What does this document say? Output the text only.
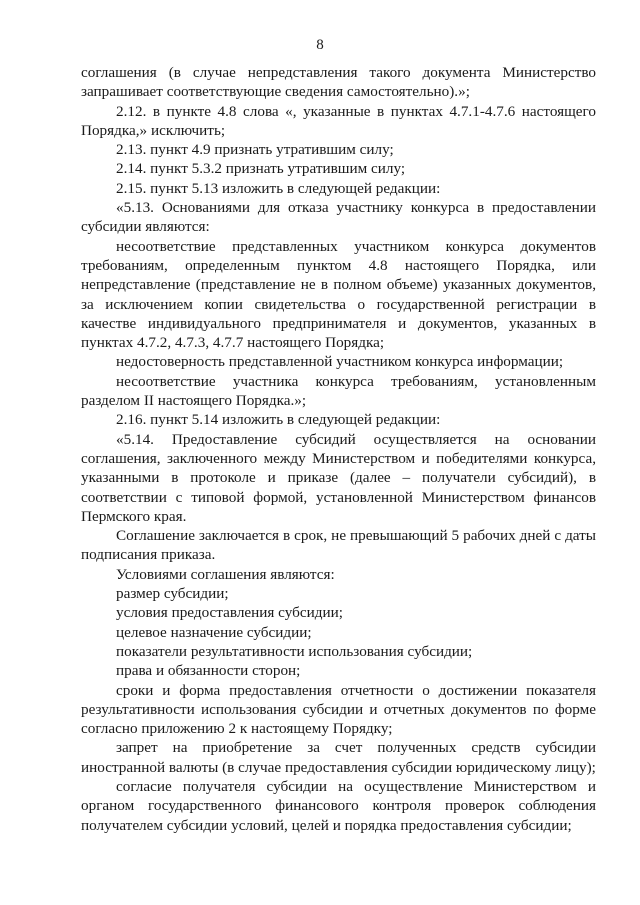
8

соглашения (в случае непредставления такого документа Министерство запрашивает соответствующие сведения самостоятельно).»;

2.12. в пункте 4.8 слова «, указанные в пунктах 4.7.1-4.7.6 настоящего Порядка,» исключить;

2.13. пункт 4.9 признать утратившим силу;

2.14. пункт 5.3.2 признать утратившим силу;

2.15. пункт 5.13 изложить в следующей редакции:

«5.13. Основаниями для отказа участнику конкурса в предоставлении субсидии являются:

несоответствие представленных участником конкурса документов требованиям, определенным пунктом 4.8 настоящего Порядка, или непредставление (представление не в полном объеме) указанных документов, за исключением копии свидетельства о государственной регистрации в качестве индивидуального предпринимателя и документов, указанных в пунктах 4.7.2, 4.7.3, 4.7.7 настоящего Порядка;

недостоверность представленной участником конкурса информации;

несоответствие участника конкурса требованиям, установленным разделом II настоящего Порядка.»;

2.16. пункт 5.14 изложить в следующей редакции:

«5.14. Предоставление субсидий осуществляется на основании соглашения, заключенного между Министерством и победителями конкурса, указанными в протоколе и приказе (далее – получатели субсидий), в соответствии с типовой формой, установленной Министерством финансов Пермского края.

Соглашение заключается в срок, не превышающий 5 рабочих дней с даты подписания приказа.

Условиями соглашения являются:

размер субсидии;

условия предоставления субсидии;

целевое назначение субсидии;

показатели результативности использования субсидии;

права и обязанности сторон;

сроки и форма предоставления отчетности о достижении показателя результативности использования субсидии и отчетных документов по форме согласно приложению 2 к настоящему Порядку;

запрет на приобретение за счет полученных средств субсидии иностранной валюты (в случае предоставления субсидии юридическому лицу);

согласие получателя субсидии на осуществление Министерством и органом государственного финансового контроля проверок соблюдения получателем субсидии условий, целей и порядка предоставления субсидии;
